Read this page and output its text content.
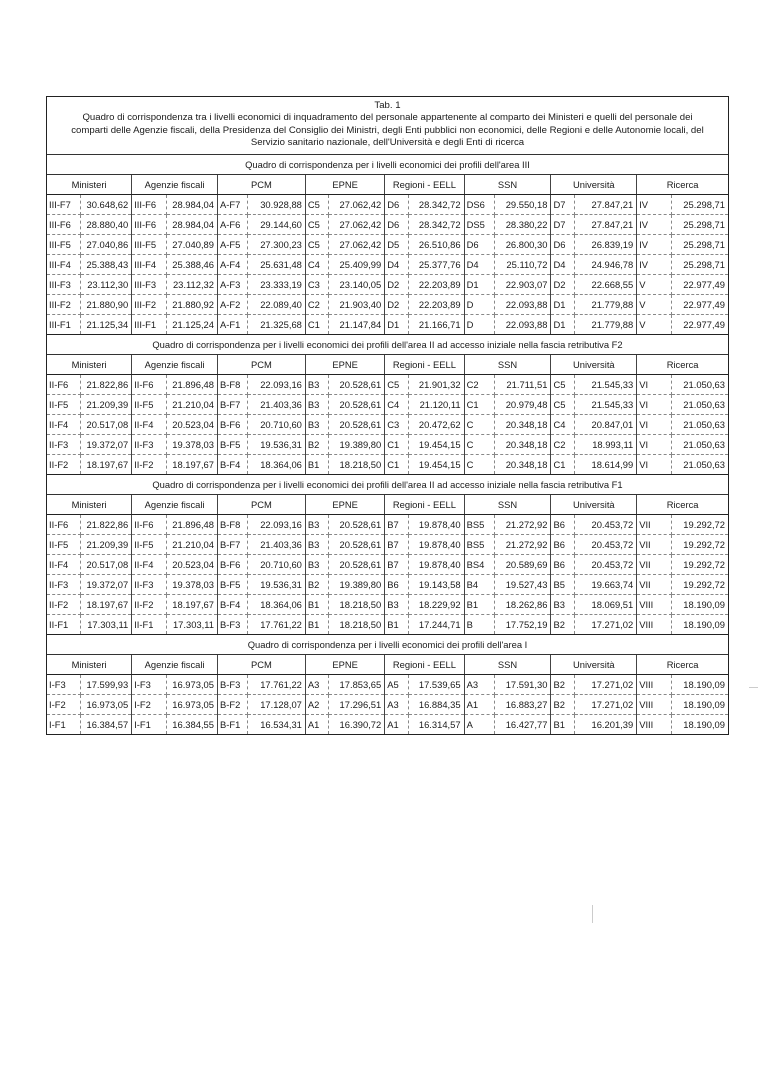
Tab. 1
Quadro di corrispondenza tra i livelli economici di inquadramento del personale appartenente al comparto dei Ministeri e quelli del personale dei
comparti delle Agenzie fiscali, della Presidenza del Consiglio dei Ministri, degli Enti pubblici non economici, delle Regioni e delle Autonomie locali, del
Servizio sanitario nazionale, dell'Università e degli Enti di ricerca
Quadro di corrispondenza per i livelli economici dei profili dell'area III
Ministeri		Agenzie fiscali		PCM		EPNE		Regioni - EELL		SSN		Università		Ricerca	
III-F7	30.648,62	III-F6	28.984,04	A-F7	30.928,88	C5	27.062,42	D6	28.342,72	DS6	29.550,18	D7	27.847,21	IV	25.298,71
III-F6	28.880,40	III-F6	28.984,04	A-F6	29.144,60	C5	27.062,42	D6	28.342,72	DS5	28.380,22	D7	27.847,21	IV	25.298,71
III-F5	27.040,86	III-F5	27.040,89	A-F5	27.300,23	C5	27.062,42	D5	26.510,86	D6	26.800,30	D6	26.839,19	IV	25.298,71
III-F4	25.388,43	III-F4	25.388,46	A-F4	25.631,48	C4	25.409,99	D4	25.377,76	D4	25.110,72	D4	24.946,78	IV	25.298,71
III-F3	23.112,30	III-F3	23.112,32	A-F3	23.333,19	C3	23.140,05	D2	22.203,89	D1	22.903,07	D2	22.668,55	V	22.977,49
III-F2	21.880,90	III-F2	21.880,92	A-F2	22.089,40	C2	21.903,40	D2	22.203,89	D	22.093,88	D1	21.779,88	V	22.977,49
III-F1	21.125,34	III-F1	21.125,24	A-F1	21.325,68	C1	21.147,84	D1	21.166,71	D	22.093,88	D1	21.779,88	V	22.977,49
Quadro di corrispondenza per i livelli economici dei profili dell'area II ad accesso iniziale nella fascia retributiva F2
Ministeri		Agenzie fiscali		PCM		EPNE		Regioni - EELL		SSN		Università		Ricerca	
II-F6	21.822,86	II-F6	21.896,48	B-F8	22.093,16	B3	20.528,61	C5	21.901,32	C2	21.711,51	C5	21.545,33	VI	21.050,63
II-F5	21.209,39	II-F5	21.210,04	B-F7	21.403,36	B3	20.528,61	C4	21.120,11	C1	20.979,48	C5	21.545,33	VI	21.050,63
II-F4	20.517,08	II-F4	20.523,04	B-F6	20.710,60	B3	20.528,61	C3	20.472,62	C	20.348,18	C4	20.847,01	VI	21.050,63
II-F3	19.372,07	II-F3	19.378,03	B-F5	19.536,31	B2	19.389,80	C1	19.454,15	C	20.348,18	C2	18.993,11	VI	21.050,63
II-F2	18.197,67	II-F2	18.197,67	B-F4	18.364,06	B1	18.218,50	C1	19.454,15	C	20.348,18	C1	18.614,99	VI	21.050,63
Quadro di corrispondenza per i livelli economici dei profili dell'area II ad accesso iniziale nella fascia retributiva F1
Ministeri		Agenzie fiscali		PCM		EPNE		Regioni - EELL		SSN		Università		Ricerca	
II-F6	21.822,86	II-F6	21.896,48	B-F8	22.093,16	B3	20.528,61	B7	19.878,40	BS5	21.272,92	B6	20.453,72	VII	19.292,72
II-F5	21.209,39	II-F5	21.210,04	B-F7	21.403,36	B3	20.528,61	B7	19.878,40	BS5	21.272,92	B6	20.453,72	VII	19.292,72
II-F4	20.517,08	II-F4	20.523,04	B-F6	20.710,60	B3	20.528,61	B7	19.878,40	BS4	20.589,69	B6	20.453,72	VII	19.292,72
II-F3	19.372,07	II-F3	19.378,03	B-F5	19.536,31	B2	19.389,80	B6	19.143,58	B4	19.527,43	B5	19.663,74	VII	19.292,72
II-F2	18.197,67	II-F2	18.197,67	B-F4	18.364,06	B1	18.218,50	B3	18.229,92	B1	18.262,86	B3	18.069,51	VIII	18.190,09
II-F1	17.303,11	II-F1	17.303,11	B-F3	17.761,22	B1	18.218,50	B1	17.244,71	B	17.752,19	B2	17.271,02	VIII	18.190,09
Quadro di corrispondenza per i livelli economici dei profili dell'area I
Ministeri		Agenzie fiscali		PCM		EPNE		Regioni - EELL		SSN		Università		Ricerca	
I-F3	17.599,93	I-F3	16.973,05	B-F3	17.761,22	A3	17.853,65	A5	17.539,65	A3	17.591,30	B2	17.271,02	VIII	18.190,09
I-F2	16.973,05	I-F2	16.973,05	B-F2	17.128,07	A2	17.296,51	A3	16.884,35	A1	16.883,27	B2	17.271,02	VIII	18.190,09
I-F1	16.384,57	I-F1	16.384,55	B-F1	16.534,31	A1	16.390,72	A1	16.314,57	A	16.427,77	B1	16.201,39	VIII	18.190,09
